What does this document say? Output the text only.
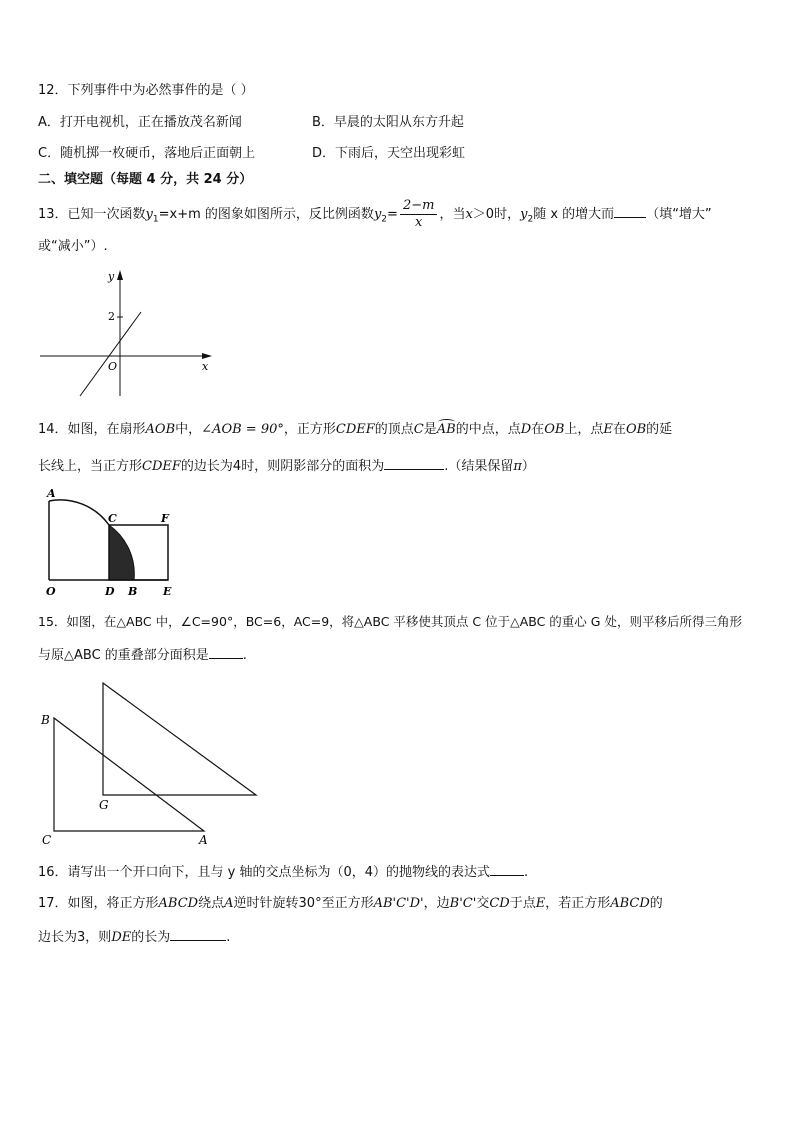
12．下列事件中为必然事件的是（ ）
A．打开电视机，正在播放茂名新闻	B．早晨的太阳从东方升起
C．随机掷一枚硬币，落地后正面朝上	D．下雨后，天空出现彩虹
二、填空题（每题 4 分，共 24 分）
13．已知一次函数$y_1=x+m$ 的图象如图所示，反比例函数$y_2= \frac{2-m}{x}$ ，当x＞0时，$y_2$随 x 的增大而 （填“增大”
或“减小”）.
y
x
O
2
14．如图，在扇形AOB中，∠AOB = 90°，正方形CDEF的顶点C是
AB的中点，点D在OB上，点E在OB的延
长线上，当正方形CDEF的边长为4时，则阴影部分的面积为	.（结果保留π）
A
C	F
O	D B E
15．如图，在△ABC 中，∠C=90°，BC=6，AC=9，将△ABC 平移使其顶点 C 位于△ABC 的重心 G 处，则平移后所得三角形
与原△ABC 的重叠部分面积是	.
B
C	A
G
16．请写出一个开口向下，且与 y 轴的交点坐标为（0，4）的抛物线的表达式	.
17．如图，将正方形ABCD绕点A逆时针旋转30°至正方形AB'C'D'，边B'C'交CD于点E，若正方形ABCD的
边长为3，则DE的长为	.
